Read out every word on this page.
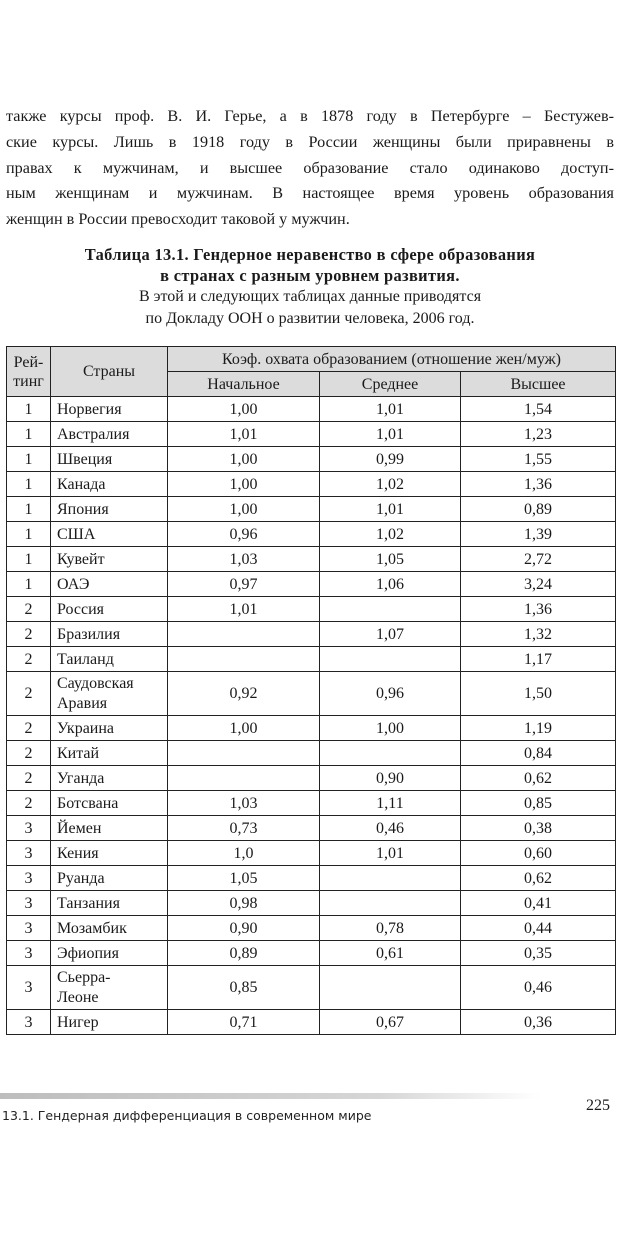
также курсы проф. В. И. Герье, а в 1878 году в Петербурге – Бестужев-
ские курсы. Лишь в 1918 году в России женщины были приравнены в
правах к мужчинам, и высшее образование стало одинаково доступ-
ным женщинам и мужчинам. В настоящее время уровень образования
женщин в России превосходит таковой у мужчин.
Таблица 13.1. Гендерное неравенство в сфере образования
в странах с разным уровнем развития.
В этой и следующих таблицах данные приводятся
по Докладу ООН о развитии человека, 2006 год.
Рей-
тинг	Страны	Коэф. охвата образованием (отношение жен/муж)		
		Начальное	Среднее	Высшее
1	Норвегия	1,00	1,01	1,54
1	Австралия	1,01	1,01	1,23
1	Швеция	1,00	0,99	1,55
1	Канада	1,00	1,02	1,36
1	Япония	1,00	1,01	0,89
1	США	0,96	1,02	1,39
1	Кувейт	1,03	1,05	2,72
1	ОАЭ	0,97	1,06	3,24
2	Россия	1,01		1,36
2	Бразилия		1,07	1,32
2	Таиланд			1,17
2	Саудовская
Аравия	0,92	0,96	1,50
2	Украина	1,00	1,00	1,19
2	Китай			0,84
2	Уганда		0,90	0,62
2	Ботсвана	1,03	1,11	0,85
3	Йемен	0,73	0,46	0,38
3	Кения	1,0	1,01	0,60
3	Руанда	1,05		0,62
3	Танзания	0,98		0,41
3	Мозамбик	0,90	0,78	0,44
3	Эфиопия	0,89	0,61	0,35
3	Сьерра-
Леоне	0,85		0,46
3	Нигер	0,71	0,67	0,36
13.1. Гендерная дифференциация в современном мире
225
